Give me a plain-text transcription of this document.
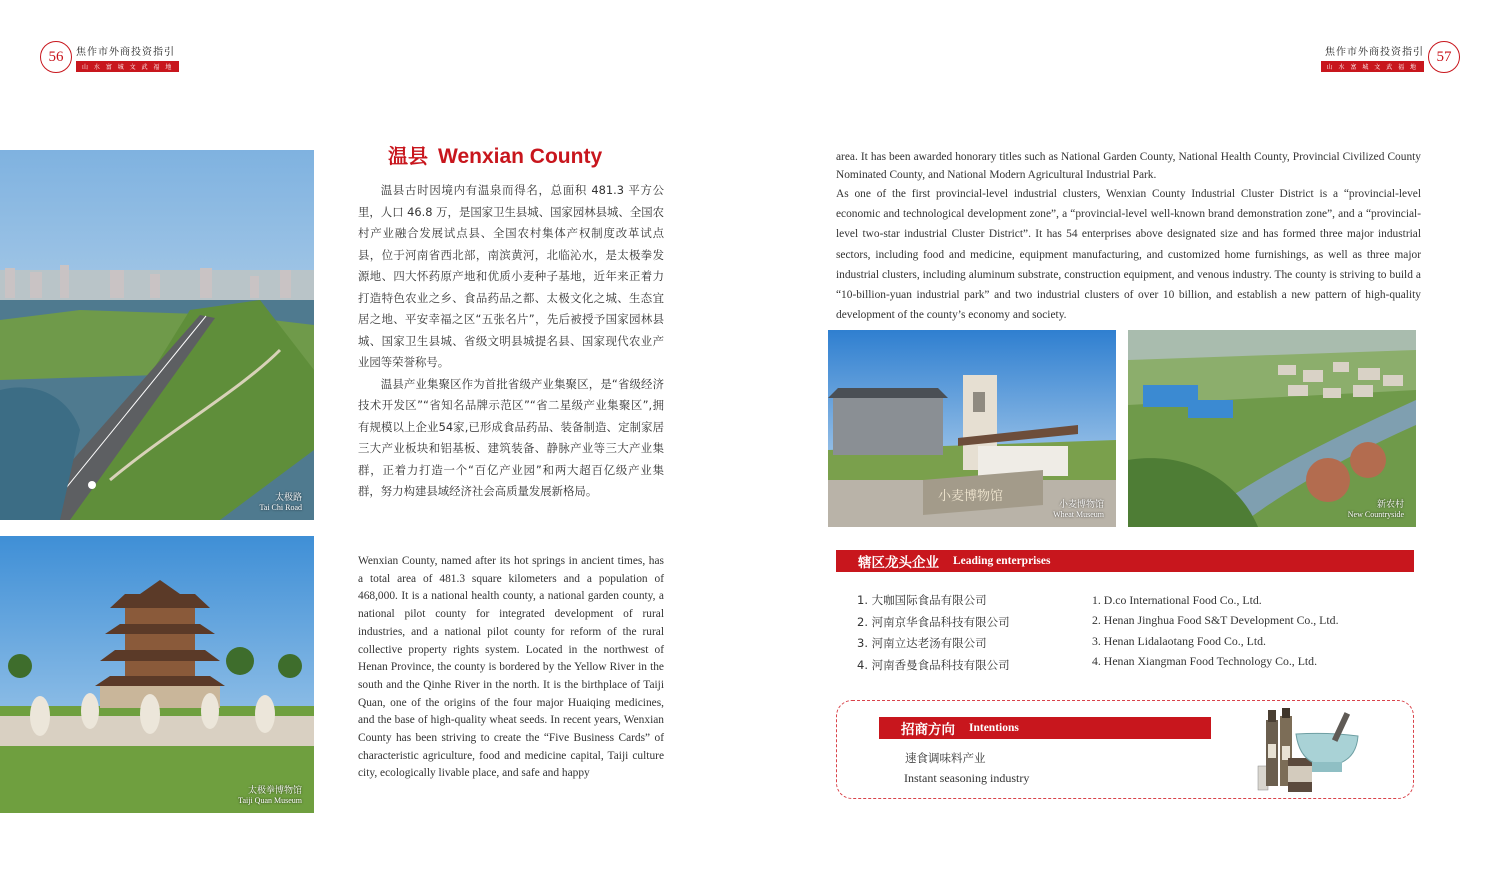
56	焦作市外商投资指引
山 水 富 城 文 武 福 地
57
焦作市外商投资指引
山 水 富 城 文 武 福 地
太极路
Tai Chi Road
太极拳博物馆
Taiji Quan Museum
温县 Wenxian County

温县古时因境内有温泉而得名，总面积 481.3 平方公里，人口 46.8 万，是国家卫生县城、国家园林县城、全国农村产业融合发展试点县、全国农村集体产权制度改革试点县，位于河南省西北部，南滨黄河，北临沁水，是太极拳发源地、四大怀药原产地和优质小麦种子基地，近年来正着力打造特色农业之乡、食品药品之都、太极文化之城、生态宜居之地、平安幸福之区“五张名片”，先后被授予国家园林县城、国家卫生县城、省级文明县城提名县、国家现代农业产业园等荣誉称号。

温县产业集聚区作为首批省级产业集聚区，是“省级经济技术开发区”“省知名品牌示范区”“省二星级产业集聚区”,拥有规模以上企业54家,已形成食品药品、装备制造、定制家居三大产业板块和铝基板、建筑装备、静脉产业等三大产业集群，正着力打造一个“百亿产业园”和两大超百亿级产业集群，努力构建县域经济社会高质量发展新格局。

Wenxian County, named after its hot springs in ancient times, has a total area of 481.3 square kilometers and a population of 468,000. It is a national health county, a national garden county, a national pilot county for integrated development of rural industries, and a national pilot county for reform of the rural collective property rights system. Located in the northwest of Henan Province, the county is bordered by the Yellow River in the south and the Qinhe River in the north. It is the birthplace of Taiji Quan, one of the origins of the four major Huaiqing medicines, and the base of high-quality wheat seeds. In recent years, Wenxian County has been striving to create the “Five Business Cards” of characteristic agriculture, food and medicine capital, Taiji culture city, ecologically livable place, and safe and happy

area. It has been awarded honorary titles such as National Garden County, National Health County, Provincial Civilized County Nominated County, and National Modern Agricultural Industrial Park.

As one of the first provincial-level industrial clusters, Wenxian County Industrial Cluster District is a “provincial-level economic and technological development zone”, a “provincial-level well-known brand demonstration zone”, and a “provincial-level two-star industrial Cluster District”. It has 54 enterprises above designated size and has formed three major industrial sectors, including food and medicine, equipment manufacturing, and customized home furnishings, as well as three major industrial clusters, including aluminum substrate, construction equipment, and venous industry. The county is striving to build a “10-billion-yuan industrial park” and two industrial clusters of over 10 billion, and establish a new pattern of high-quality development of the county’s economy and society.

小麦博物馆
小麦博物馆
Wheat Museum
新农村
New Countryside
辖区龙头企业 Leading enterprises
1. 大咖国际食品有限公司
2. 河南京华食品科技有限公司
3. 河南立达老汤有限公司
4. 河南香曼食品科技有限公司
1. D.co International Food Co., Ltd.
2. Henan Jinghua Food S&T Development Co., Ltd.
3. Henan Lidalaotang Food Co., Ltd.
4. Henan Xiangman Food Technology Co., Ltd.
招商方向 Intentions
速食调味料产业
Instant seasoning industry
